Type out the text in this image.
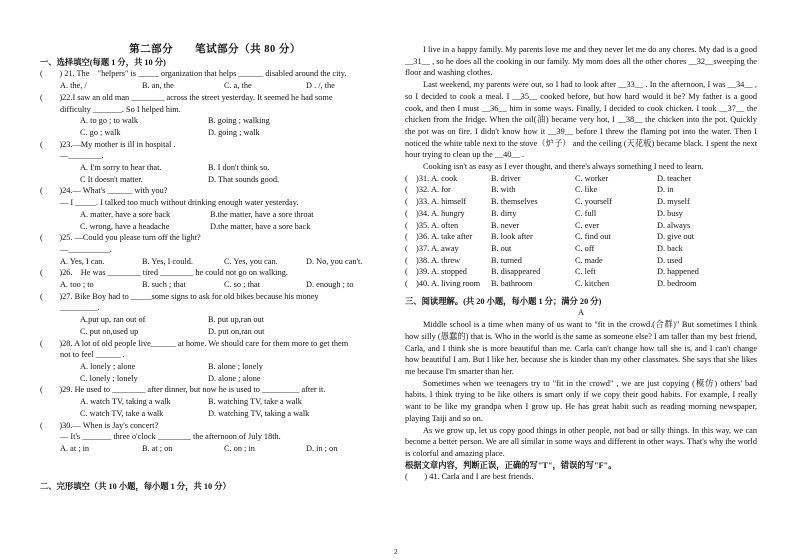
第二部分　　笔试部分（共 80 分）
一、选择填空(每题 1 分，共 10 分)
(　　) 21. The　"helpers" is _____ organization that helps ______ disabled around the city.
A. the, /	B. an, the	C. a, the	D . /, the
(　　)22.I saw an old man ________ across the street yesterday. It seemed he had some
difficulty _______. So I helped him.
A. to go ; to walk	B. going ; walking
C. go ; walk	D. going ; walk
(　　)23.—My mother is ill in hospital .
—________.
A. I'm sorry to hear that.	B. I don't think so.
C It doesn't matter.	D. That sounds good.
(　　)24.— What's ______ with you?
— I _____. I talked too much without drinking enough water yesterday.
A. matter, have a sore back	B.the matter, have a sore throat
C. wrong, have a headache	D.the matter, have a sore back
(　　)25. —Could you please turn off the light?
—__________.
A. Yes, I can.	B. Yes, I could.	C. Yes, you can.	D. No, you can't.
(　　)26.　He was ________ tired ________ he could not go on walking.
A. too ; to	B. such ; that	C. so ; that	D. enough ; to
(　　)27. Bike Boy had to _____some signs to ask for old bikes because his money
_________.
A.put up, ran out of	B. put up,ran out
C. put on,used up	D. put on,ran out
(　　)28. A lot of old people live______ at home. We should care for them more to get them
not to feel ______ .
A. lonely ; alone	B. alone ; lonely
C. lonely ; lonely	D. alone ; alone
(　　)29. He used to ________ after dinner, but now he is used to _________ after it.
A. watch TV, taking a walk	B. watching TV, take a walk
C. watch TV, take a walk	D. watching TV, taking a walk
(　　)30.— When is Jay's concert?
— It's _______ three o'clock ________ the afternoon of July 18th.
A. at ; in	B. at ; on	C. on ; in	D. in ; on
二、完形填空（共 10 小题，每小题 1 分，共 10 分）

I live in a happy family. My parents love me and they never let me do any chores. My dad is a good __31__ , so he does all the cooking in our family. My mom does all the other chores __32__sweeping the floor and washing clothes.

Last weekend, my parents were out, so I had to look after __33__ . In the afternoon, I was __34__ , so I decided to cook a meal. I __35__ cooked before, but how hard would it be? My father is a good cook, and then I must __36__ him in some ways. Finally, I decided to cook chicken. I took __37__ the chicken from the fridge. When the oil(油) became very hot, I __38__ the chicken into the pot. Quickly the pot was on fire. I didn't know how it __39__ before I threw the flaming pot into the water. Then I noticed the white table next to the stove（炉子） and the ceiling (天花板) became black. I spent the next hour trying to clean up the __40__ .

Cooking isn't as easy as I ever thought, and there's always something I need to learn.

(　)31. A. cook	B. driver	C. worker	D. teacher
(　)32. A. for	B. with	C. like	D. in
(　)33. A. himself	B. themselves	C. yourself	D. myself
(　)34. A. hungry	B. dirty	C. full	D. busy
(　)35. A. often	B. never	C. ever	D. always
(　)36. A. take after	B. look after	C. find out	D. give out
(　)37. A. away	B. out	C. off	D. back
(　)38. A. threw	B. turned	C. made	D. used
(　)39. A. stopped	B. disappeared	C. left	D. happened
(　)40. A. living room	B. bathroom	C. kitchen	D. bedroom
三、阅读理解。(共 20 小题，每小题 1 分；满分 20 分)
A

Middle school is a time when many of us want to "fit in the crowd.(合群)" But sometimes I think how silly (愚蠢的) that is. Who in the world is the same as someone else? I am taller than my best friend, Carla, and I think she is more beautiful than me. Carla can't change how tall she is, and I can't change how beautiful I am. But I like her, because she is kinder than my other classmates. She says that she likes me because I'm smarter than her.

Sometimes when we teenagers try to "fit in the crowd" , we are just copying (模仿) others' bad habits. I think trying to be like others is smart only if we copy their good habits. For example, I really want to be like my grandpa when I grow up. He has great habit such as reading morning newspaper, playing Taiji and so on.

As we grow up, let us copy good things in other people, not bad or silly things. In this way, we can become a better person. We are all similar in some ways and different in other ways. That's why the world is colorful and amazing place.

根据文章内容，判断正误，正确的写"T"，错误的写"F"。
(　　) 41. Carla and I are best friends.
2
